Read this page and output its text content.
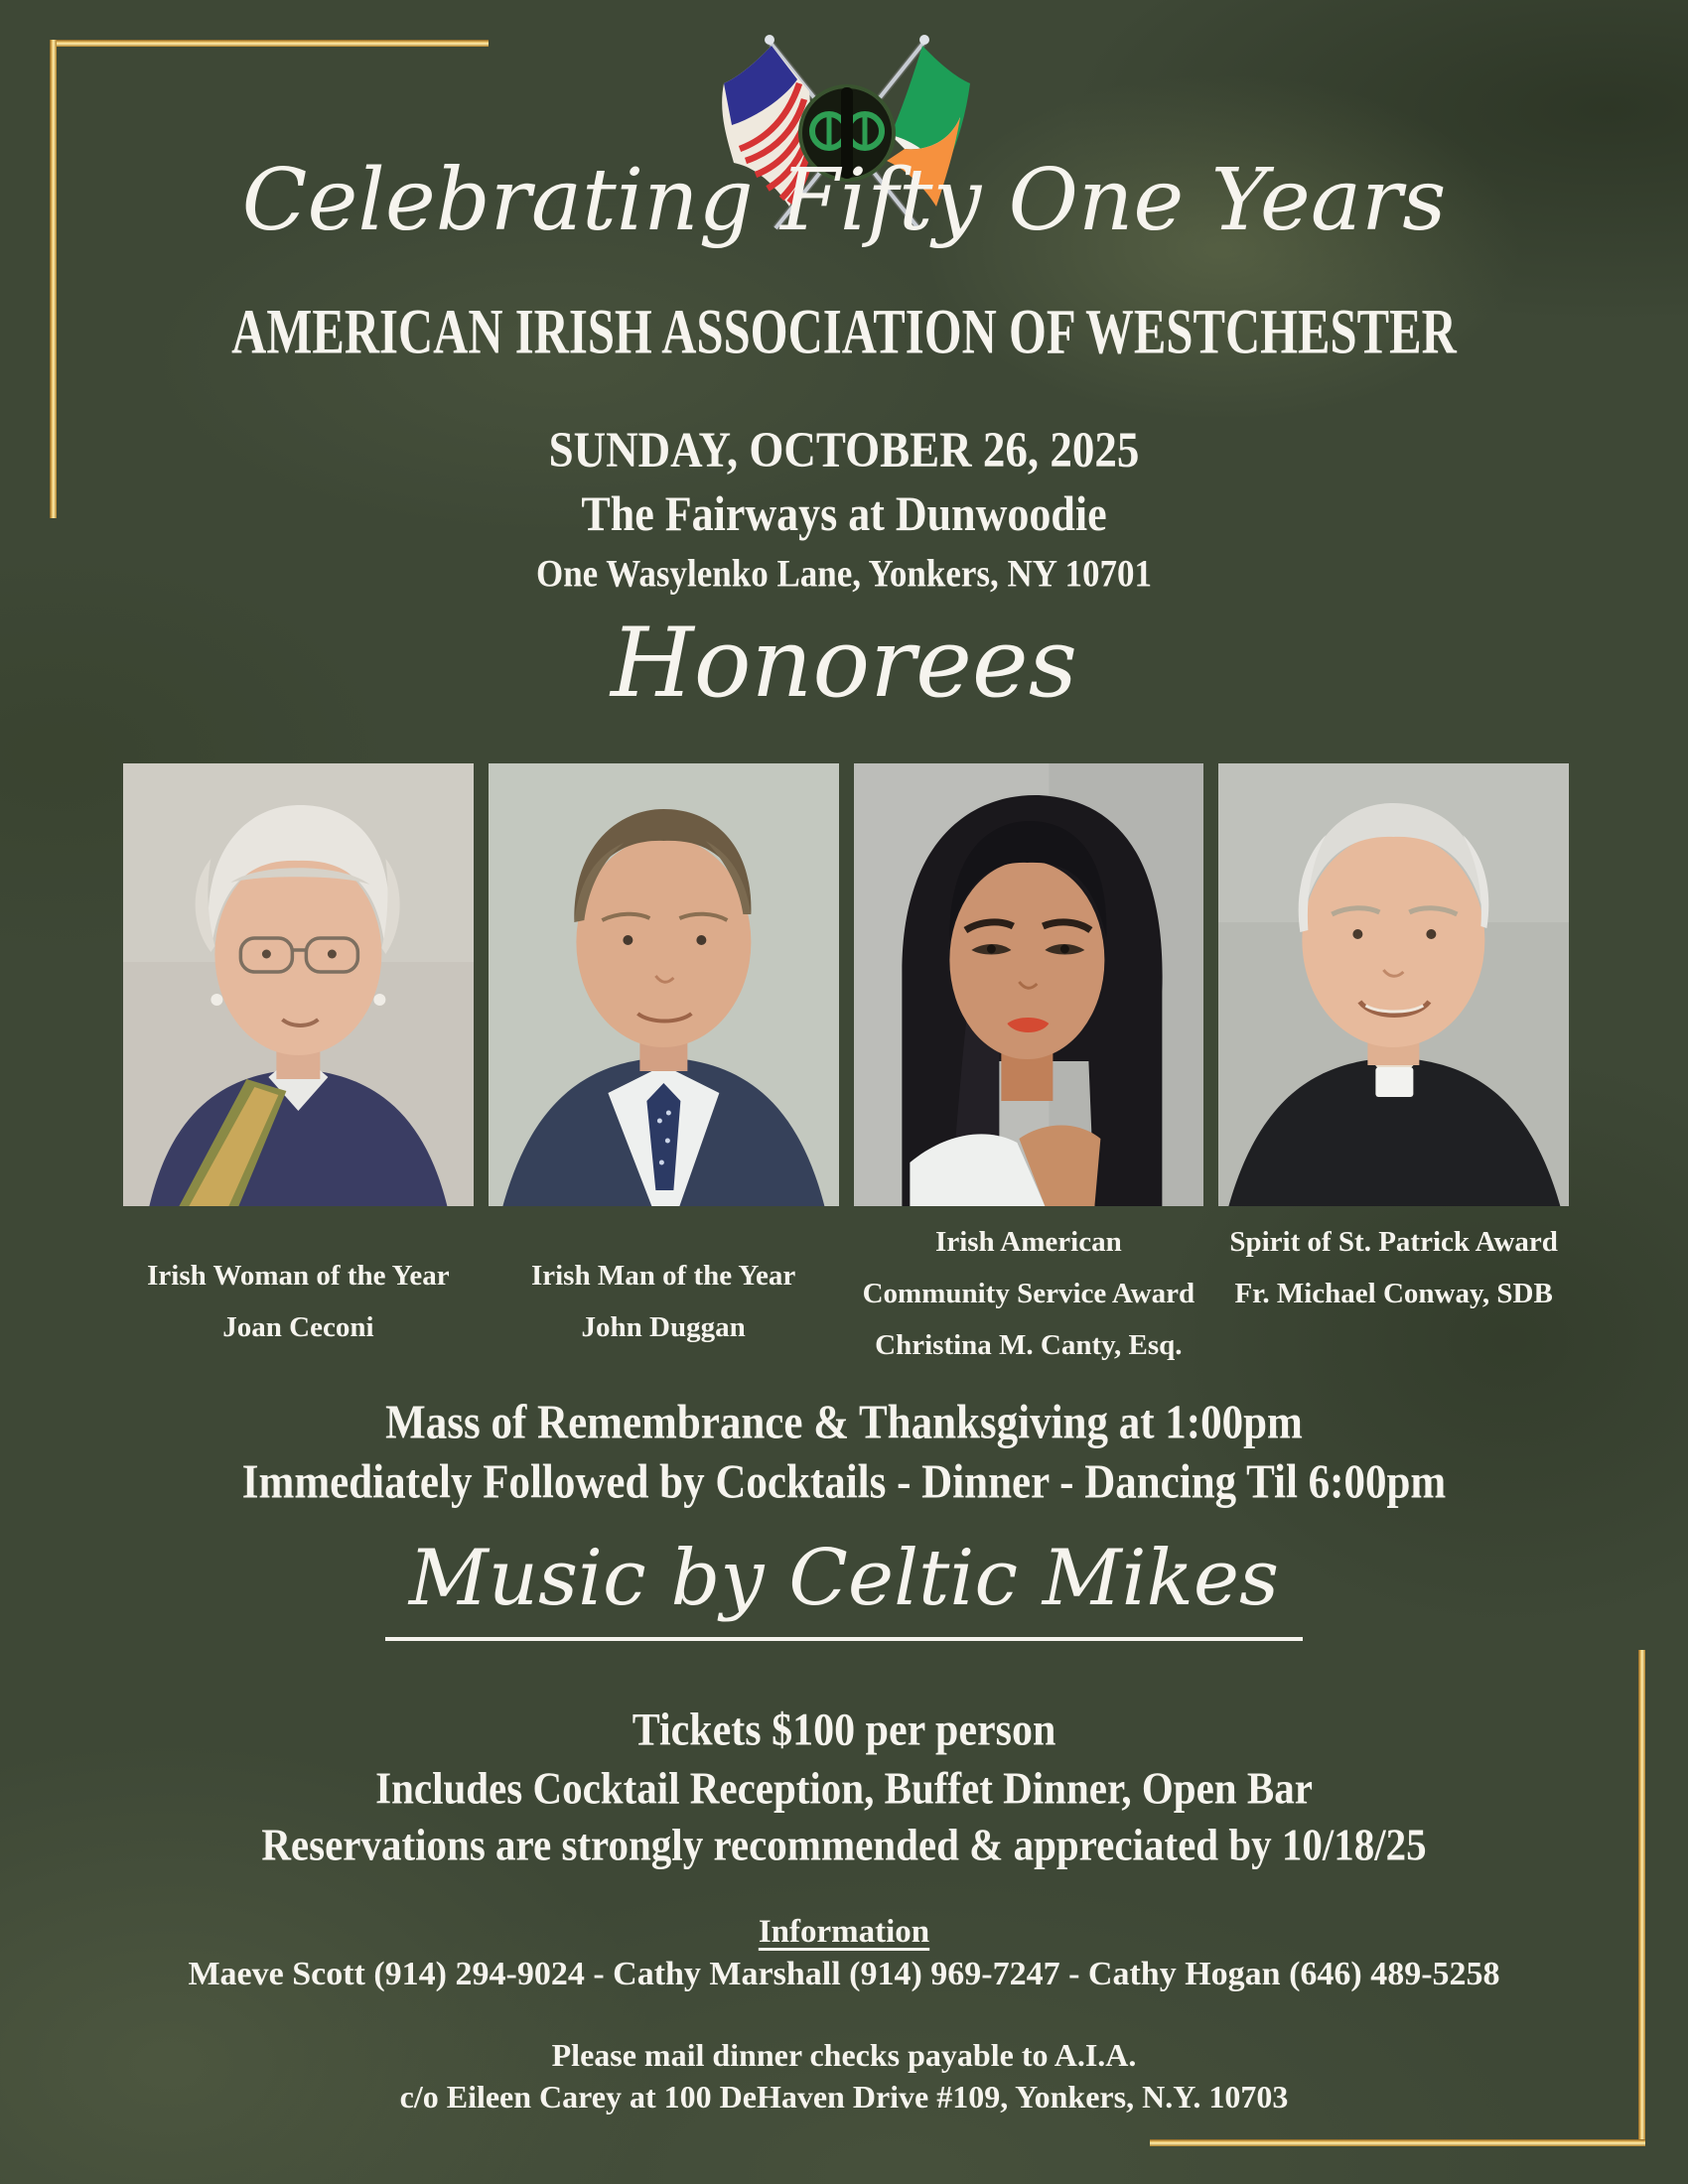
Celebrating Fifty One Years
AMERICAN IRISH ASSOCIATION OF WESTCHESTER
SUNDAY, OCTOBER 26, 2025
The Fairways at Dunwoodie
One Wasylenko Lane, Yonkers, NY 10701
Honorees
Irish Woman of the Year
Joan Ceconi
Irish Man of the Year
John Duggan
Irish American
Community Service Award
Christina M. Canty, Esq.
Spirit of St. Patrick Award
Fr. Michael Conway, SDB
Mass of Remembrance & Thanksgiving at 1:00pm
Immediately Followed by Cocktails - Dinner - Dancing Til 6:00pm
Music by Celtic Mikes
Tickets $100 per person
Includes Cocktail Reception, Buffet Dinner, Open Bar
Reservations are strongly recommended & appreciated by 10/18/25
Information
Maeve Scott (914) 294-9024 - Cathy Marshall (914) 969-7247 - Cathy Hogan (646) 489-5258
Please mail dinner checks payable to A.I.A.
c/o Eileen Carey at 100 DeHaven Drive #109, Yonkers, N.Y. 10703
